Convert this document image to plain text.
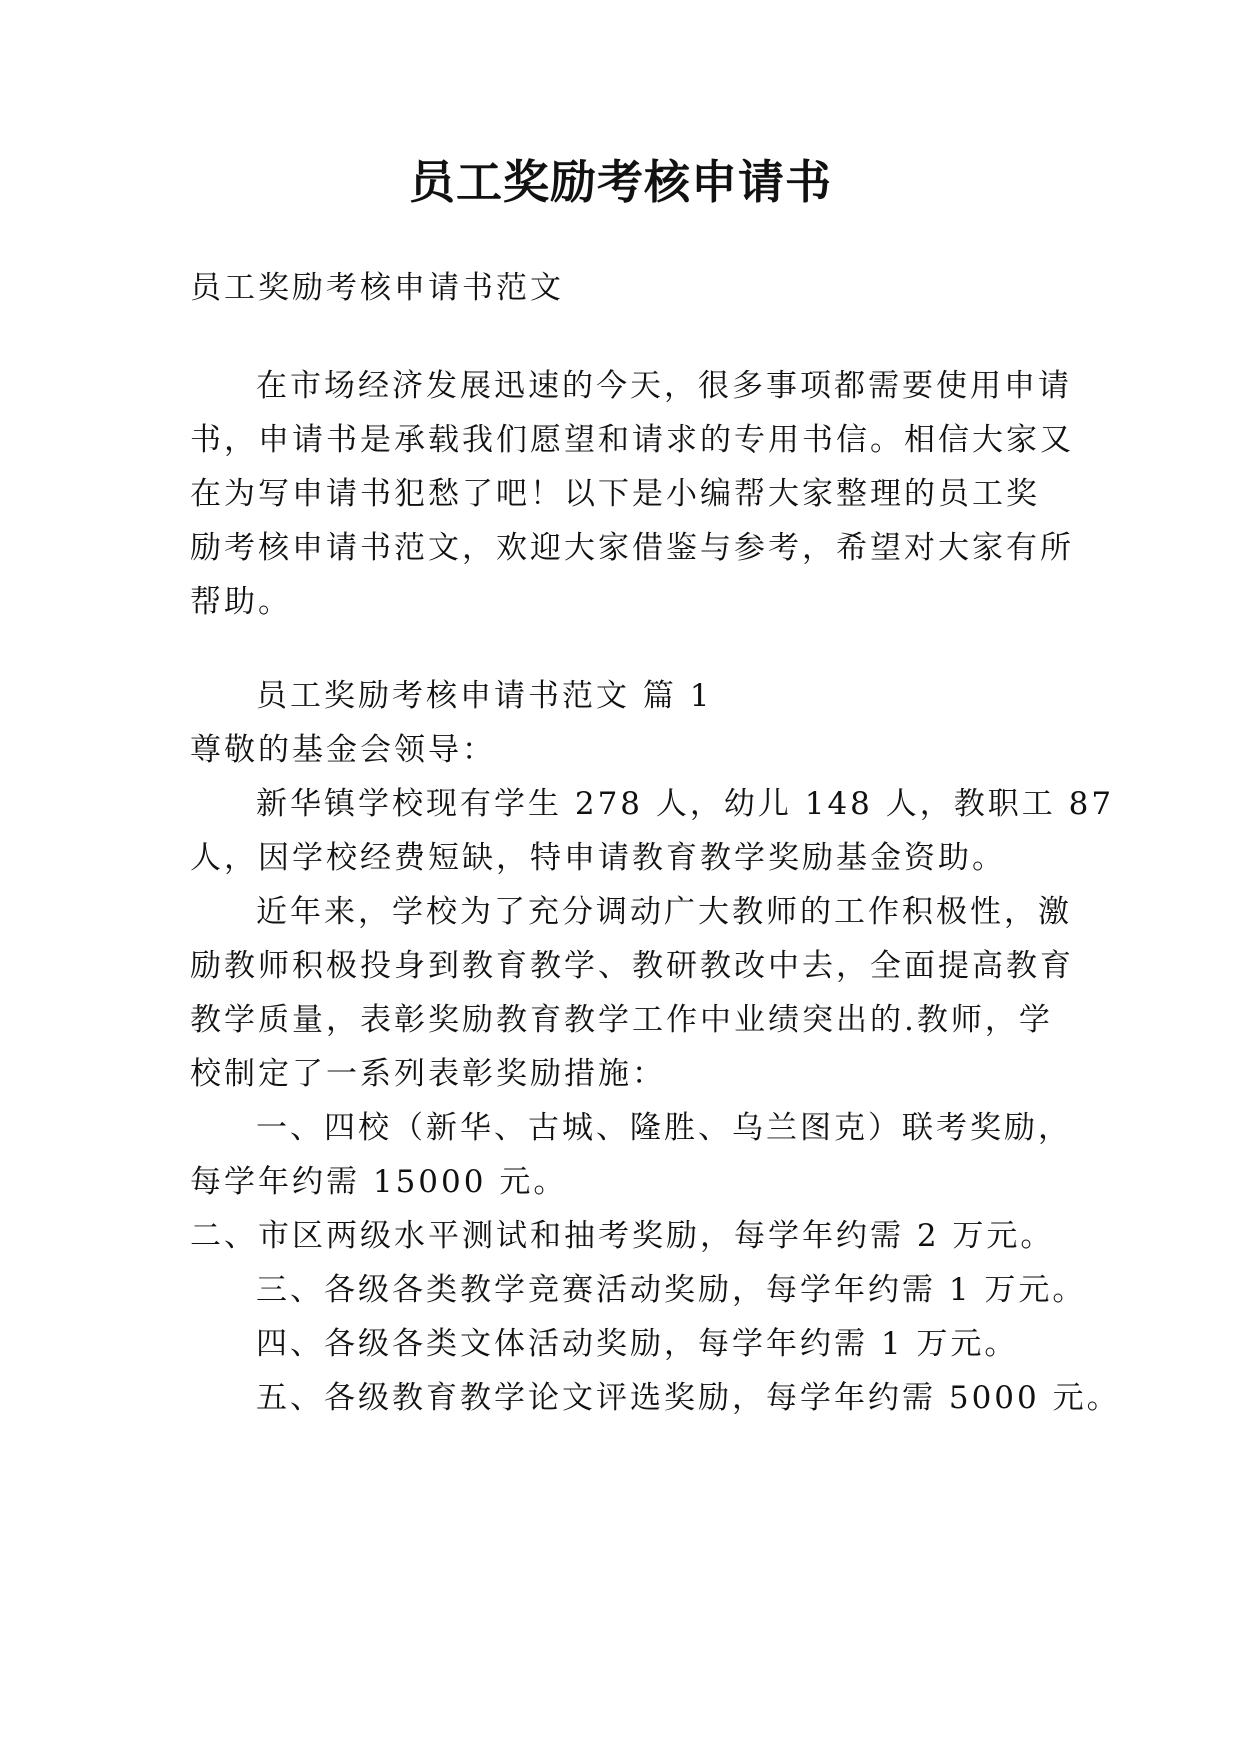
员工奖励考核申请书
员工奖励考核申请书范文
在市场经济发展迅速的今天，很多事项都需要使用申请
书，申请书是承载我们愿望和请求的专用书信。相信大家又
在为写申请书犯愁了吧！以下是小编帮大家整理的员工奖
励考核申请书范文，欢迎大家借鉴与参考，希望对大家有所
帮助。
员工奖励考核申请书范文 篇 1
尊敬的基金会领导：
新华镇学校现有学生 278 人，幼儿 148 人，教职工 87
人，因学校经费短缺，特申请教育教学奖励基金资助。
近年来，学校为了充分调动广大教师的工作积极性，激
励教师积极投身到教育教学、教研教改中去，全面提高教育
教学质量，表彰奖励教育教学工作中业绩突出的.教师，学
校制定了一系列表彰奖励措施：
一、四校（新华、古城、隆胜、乌兰图克）联考奖励，
每学年约需 15000 元。
二、市区两级水平测试和抽考奖励，每学年约需 2 万元。
三、各级各类教学竞赛活动奖励，每学年约需 1 万元。
四、各级各类文体活动奖励，每学年约需 1 万元。
五、各级教育教学论文评选奖励，每学年约需 5000 元。
